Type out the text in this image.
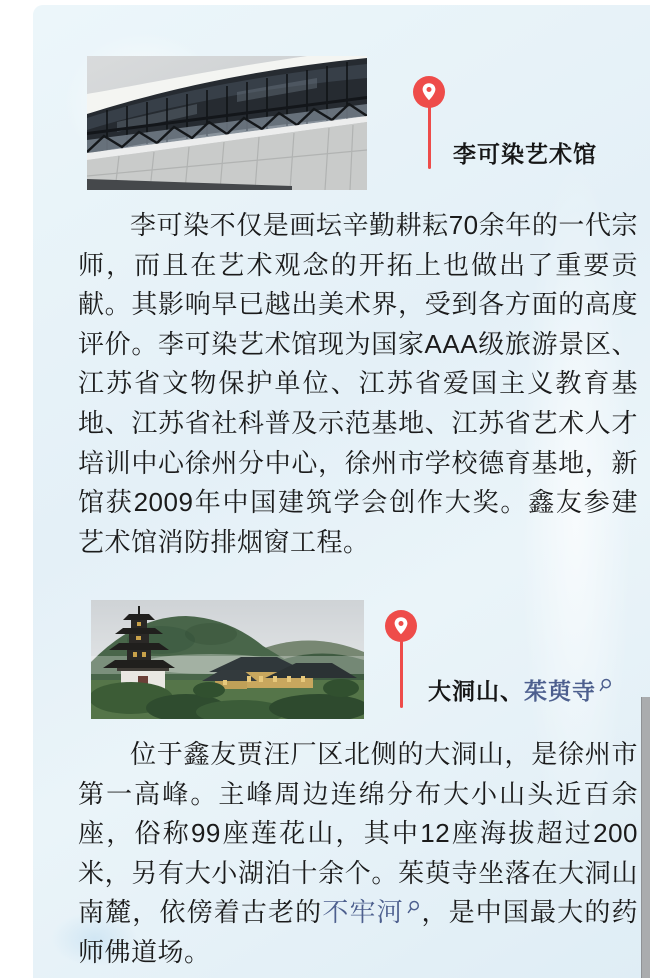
李可染艺术馆

李可染不仅是画坛辛勤耕耘70余年的一代宗师，而且在艺术观念的开拓上也做出了重要贡献。其影响早已越出美术界，受到各方面的高度评价。李可染艺术馆现为国家AAA级旅游景区、江苏省文物保护单位、江苏省爱国主义教育基地、江苏省社科普及示范基地、江苏省艺术人才培训中心徐州分中心，徐州市学校德育基地，新馆获2009年中国建筑学会创作大奖。鑫友参建艺术馆消防排烟窗工程。

大洞山、茱萸寺

位于鑫友贾汪厂区北侧的大洞山，是徐州市第一高峰。主峰周边连绵分布大小山头近百余座，俗称99座莲花山，其中12座海拔超过200米，另有大小湖泊十余个。茱萸寺坐落在大洞山南麓，依傍着古老的不牢河 ，是中国最大的药师佛道场。
